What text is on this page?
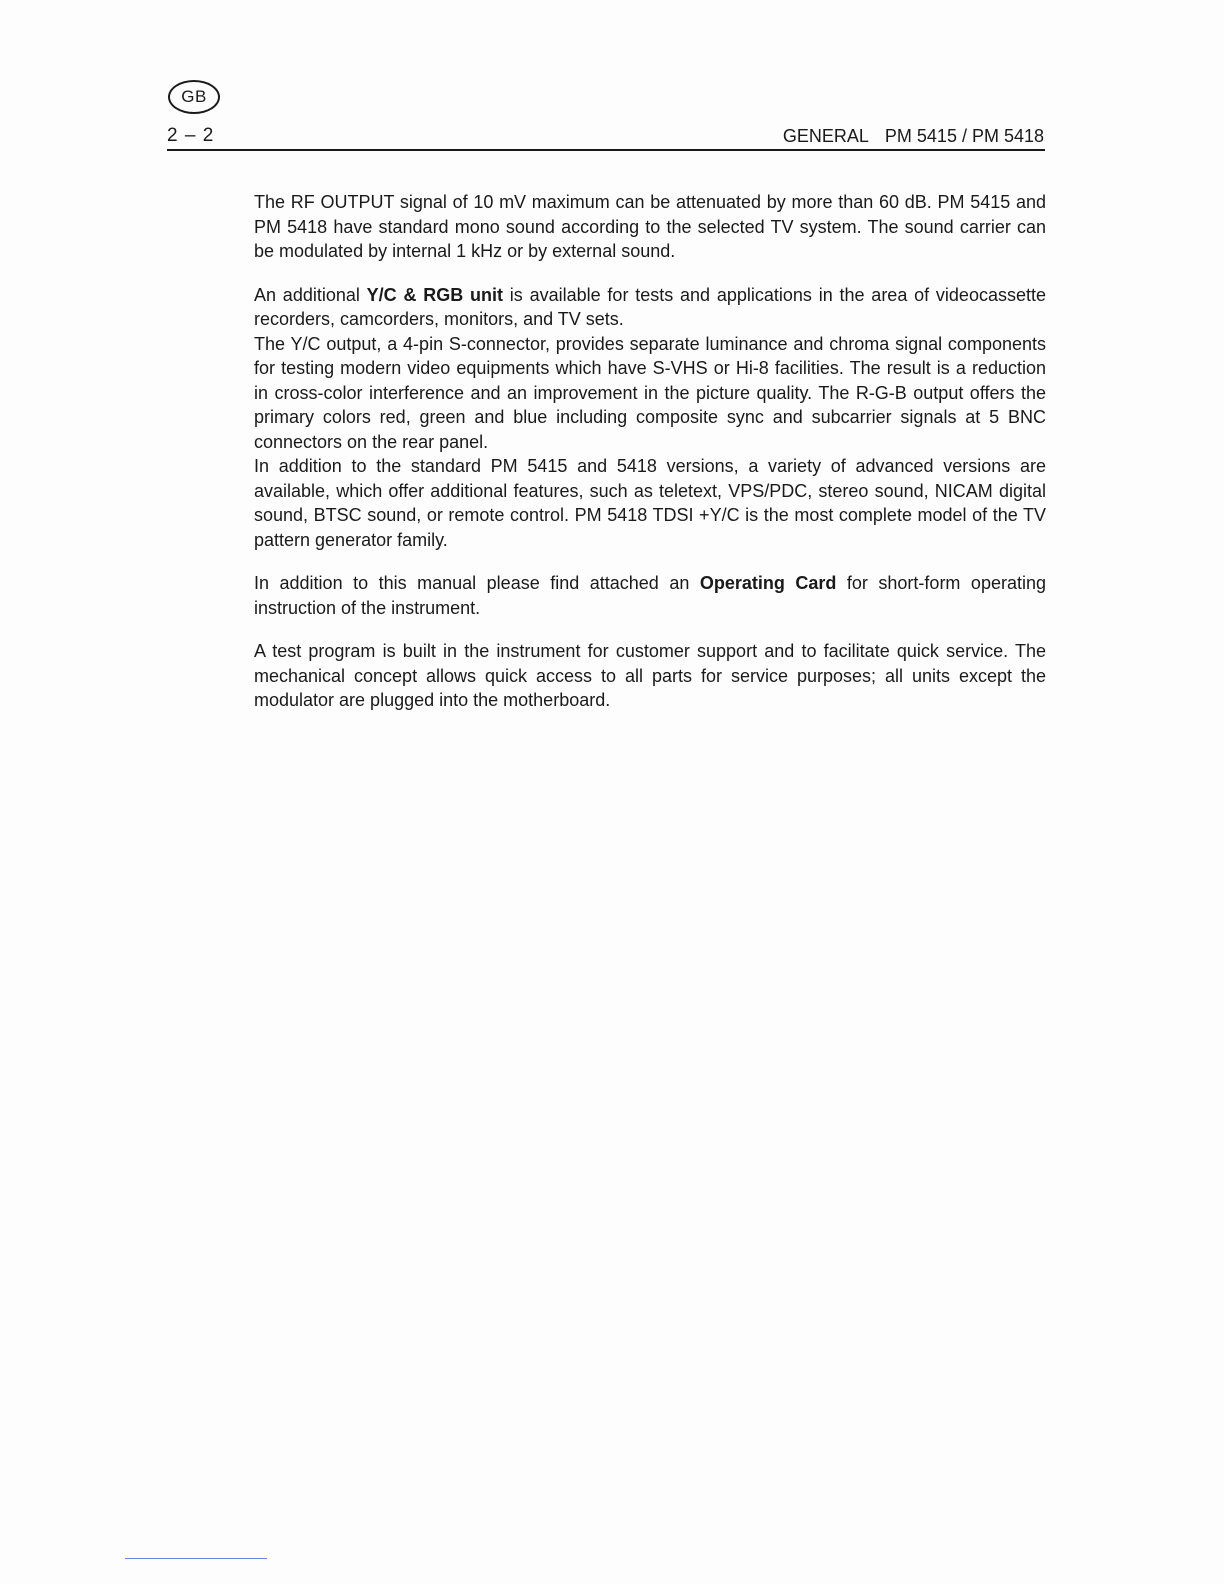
GB
2 – 2	GENERAL PM 5415 / PM 5418

The RF OUTPUT signal of 10 mV maximum can be attenuated by more than 60 dB. PM 5415 and PM 5418 have standard mono sound according to the selected TV system. The sound carrier can be modulated by internal 1 kHz or by external sound.

An additional Y/C & RGB unit is available for tests and applications in the area of videocassette recorders, camcorders, monitors, and TV sets.

The Y/C output, a 4-pin S-connector, provides separate luminance and chroma signal components for testing modern video equipments which have S-VHS or Hi-8 facilities. The result is a reduction in cross-color interference and an improvement in the picture quality. The R-G-B output offers the primary colors red, green and blue including composite sync and subcarrier signals at 5 BNC connectors on the rear panel.

In addition to the standard PM 5415 and 5418 versions, a variety of advanced versions are available, which offer additional features, such as teletext, VPS/PDC, stereo sound, NICAM digital sound, BTSC sound, or remote control. PM 5418 TDSI +Y/C is the most complete model of the TV pattern generator family.

In addition to this manual please find attached an Operating Card for short-form operating instruction of the instrument.

A test program is built in the instrument for customer support and to facilitate quick service. The mechanical concept allows quick access to all parts for service purposes; all units except the modulator are plugged into the motherboard.
